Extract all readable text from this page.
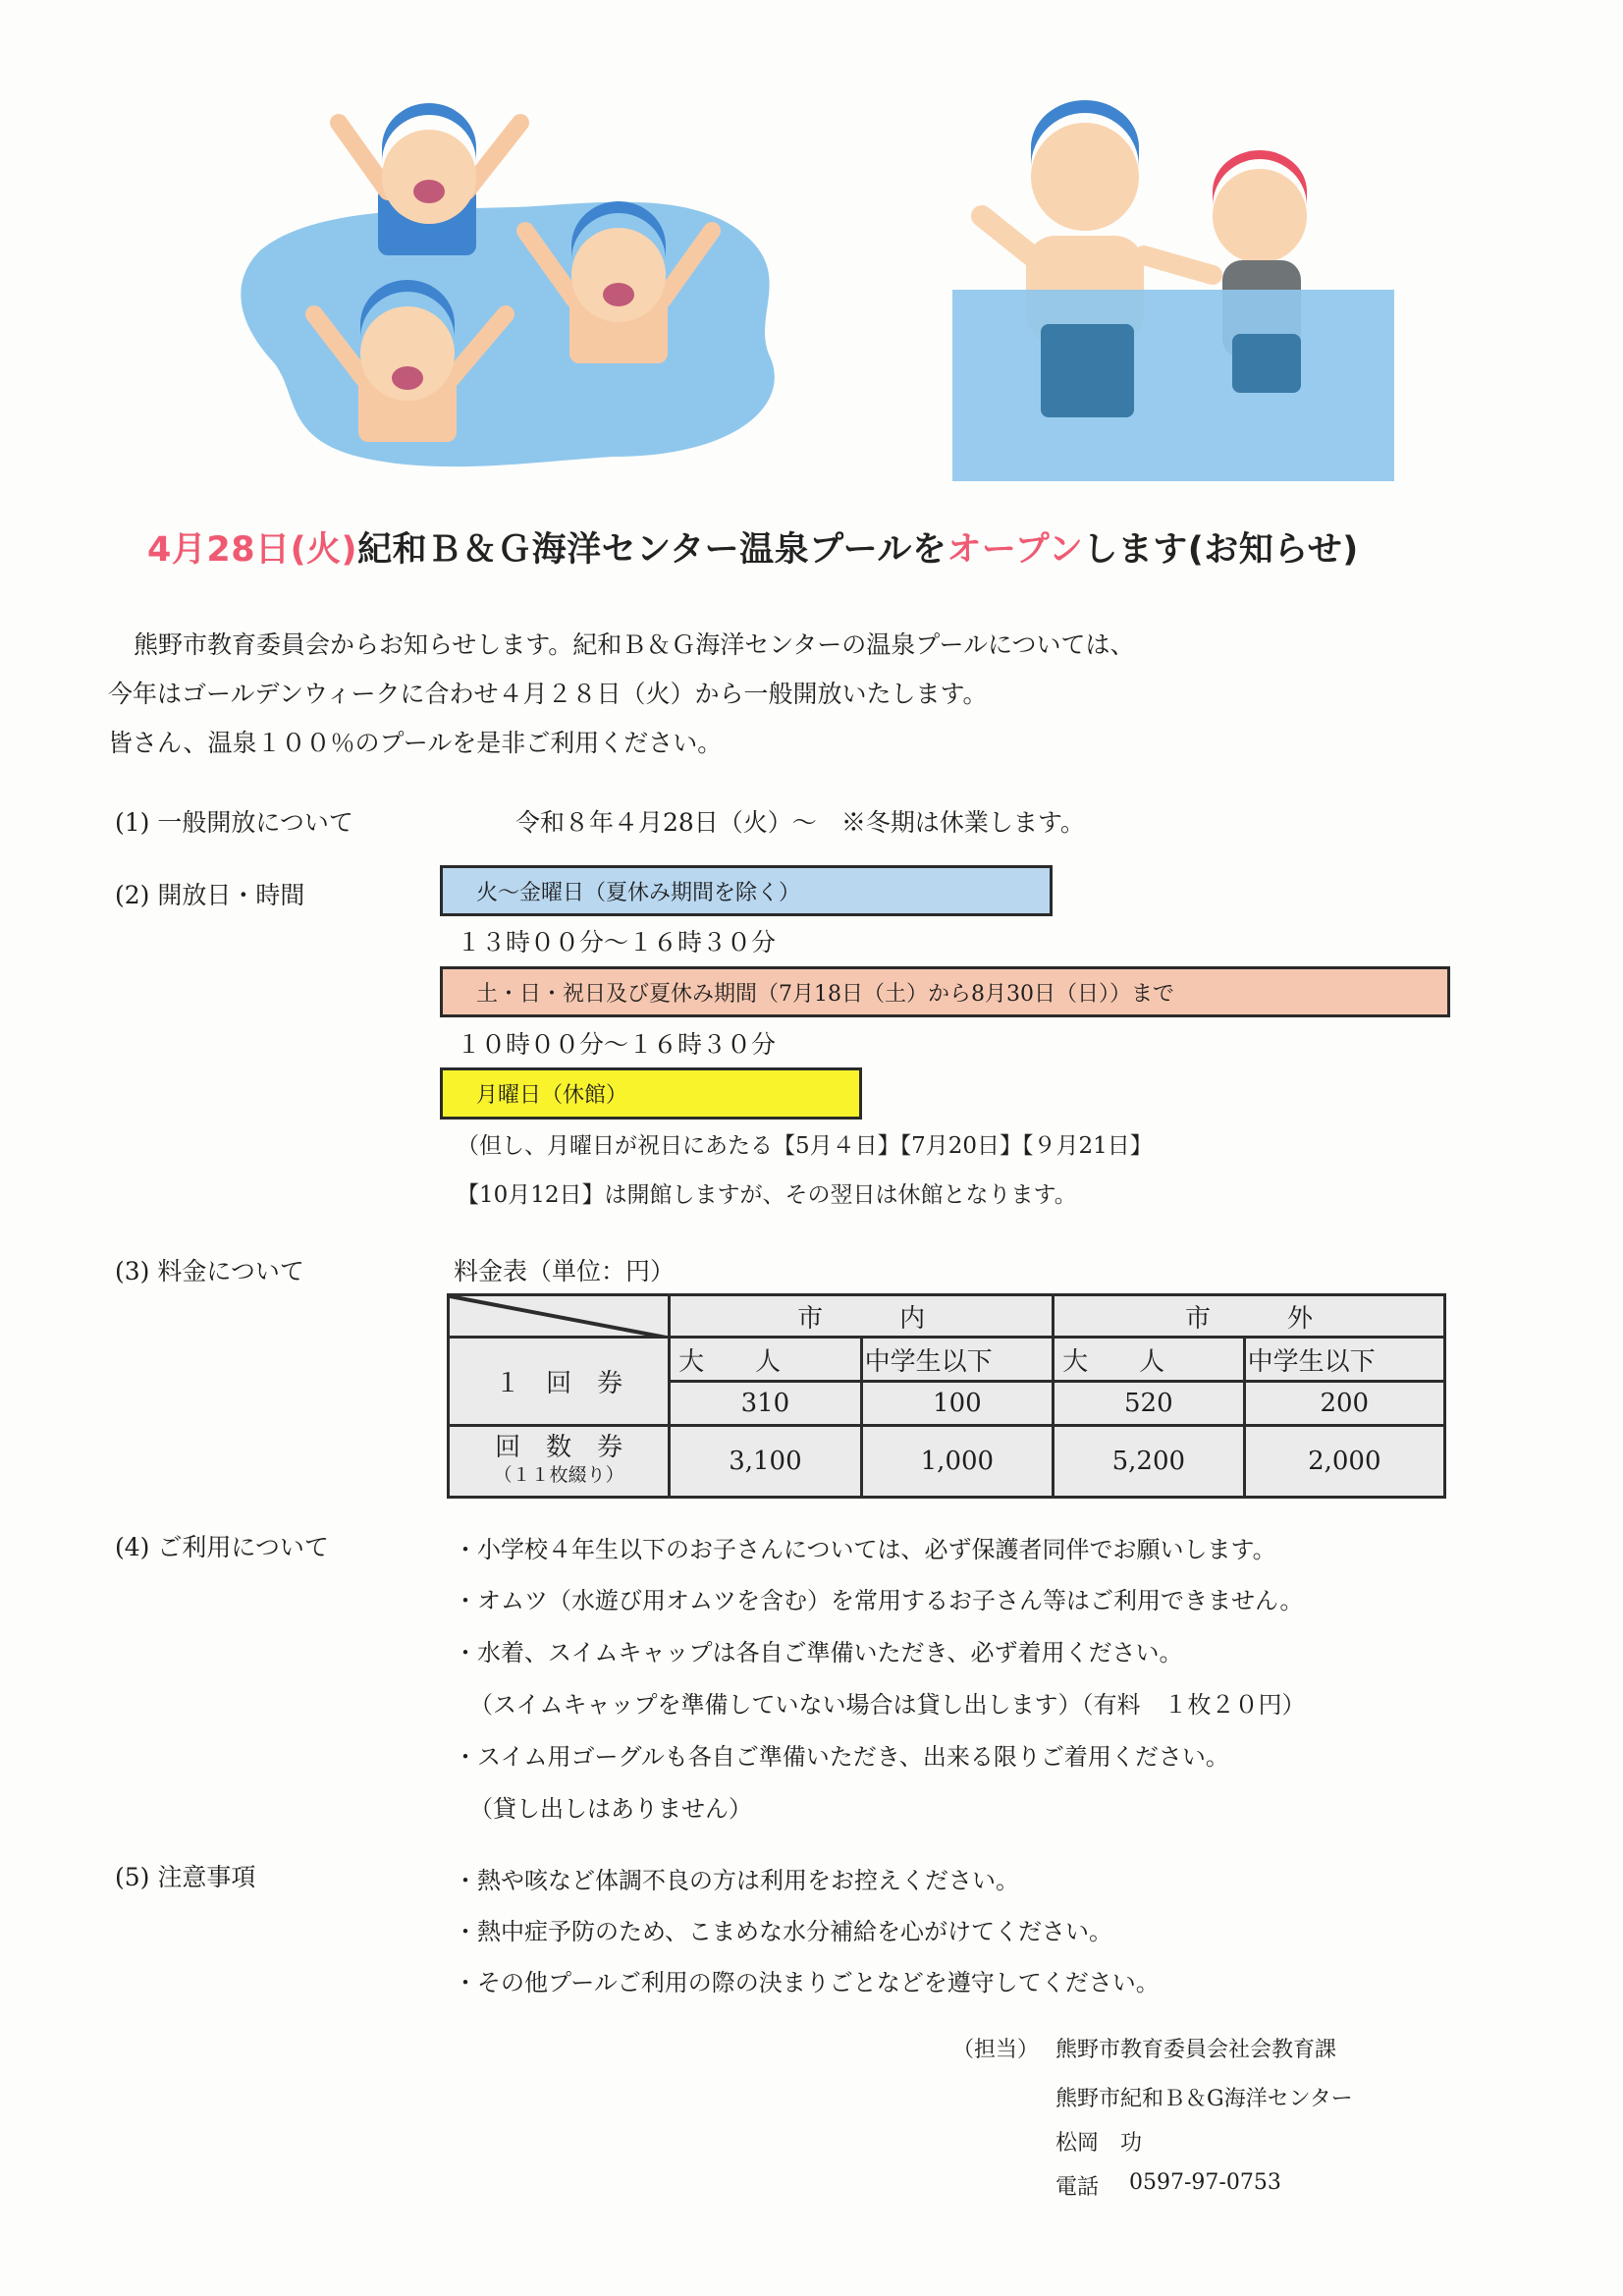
4月28日(火)紀和Ｂ＆Ｇ海洋センター温泉プールをオープンします(お知らせ)
熊野市教育委員会からお知らせします。紀和Ｂ＆Ｇ海洋センターの温泉プールについては、
今年はゴールデンウィークに合わせ４月２８日（火）から一般開放いたします。
皆さん、温泉１００％のプールを是非ご利用ください。
(1) 一般開放について	令和８年４月28日（火）～　※冬期は休業します。
(2) 開放日・時間	火～金曜日（夏休み期間を除く）
１３時００分～１６時３０分
土・日・祝日及び夏休み期間（7月18日（土）から8月30日（日））まで
１０時００分～１６時３０分
月曜日（休館）
（但し、月曜日が祝日にあたる【5月４日】【7月20日】【９月21日】
【10月12日】は開館しますが、その翌日は休館となります。
(3) 料金について	料金表（単位：円）
	市　　　内		市　　　外	
１　回　券	大　　人	中学生以下	大　　人	中学生以下
	310	100	520	200

回　数　券
（１１枚綴り）	3,100	1,000	5,200	2,000
(4) ご利用について	・小学校４年生以下のお子さんについては、必ず保護者同伴でお願いします。
・オムツ（水遊び用オムツを含む）を常用するお子さん等はご利用できません。
・水着、スイムキャップは各自ご準備いただき、必ず着用ください。
（スイムキャップを準備していない場合は貸し出します）（有料　１枚２０円）
・スイム用ゴーグルも各自ご準備いただき、出来る限りご着用ください。
（貸し出しはありません）
(5) 注意事項	・熱や咳など体調不良の方は利用をお控えください。
・熱中症予防のため、こまめな水分補給を心がけてください。
・その他プールご利用の際の決まりごとなどを遵守してください。
（担当） 熊野市教育委員会社会教育課
熊野市紀和Ｂ＆G海洋センター
松岡　功
電話 0597-97-0753
